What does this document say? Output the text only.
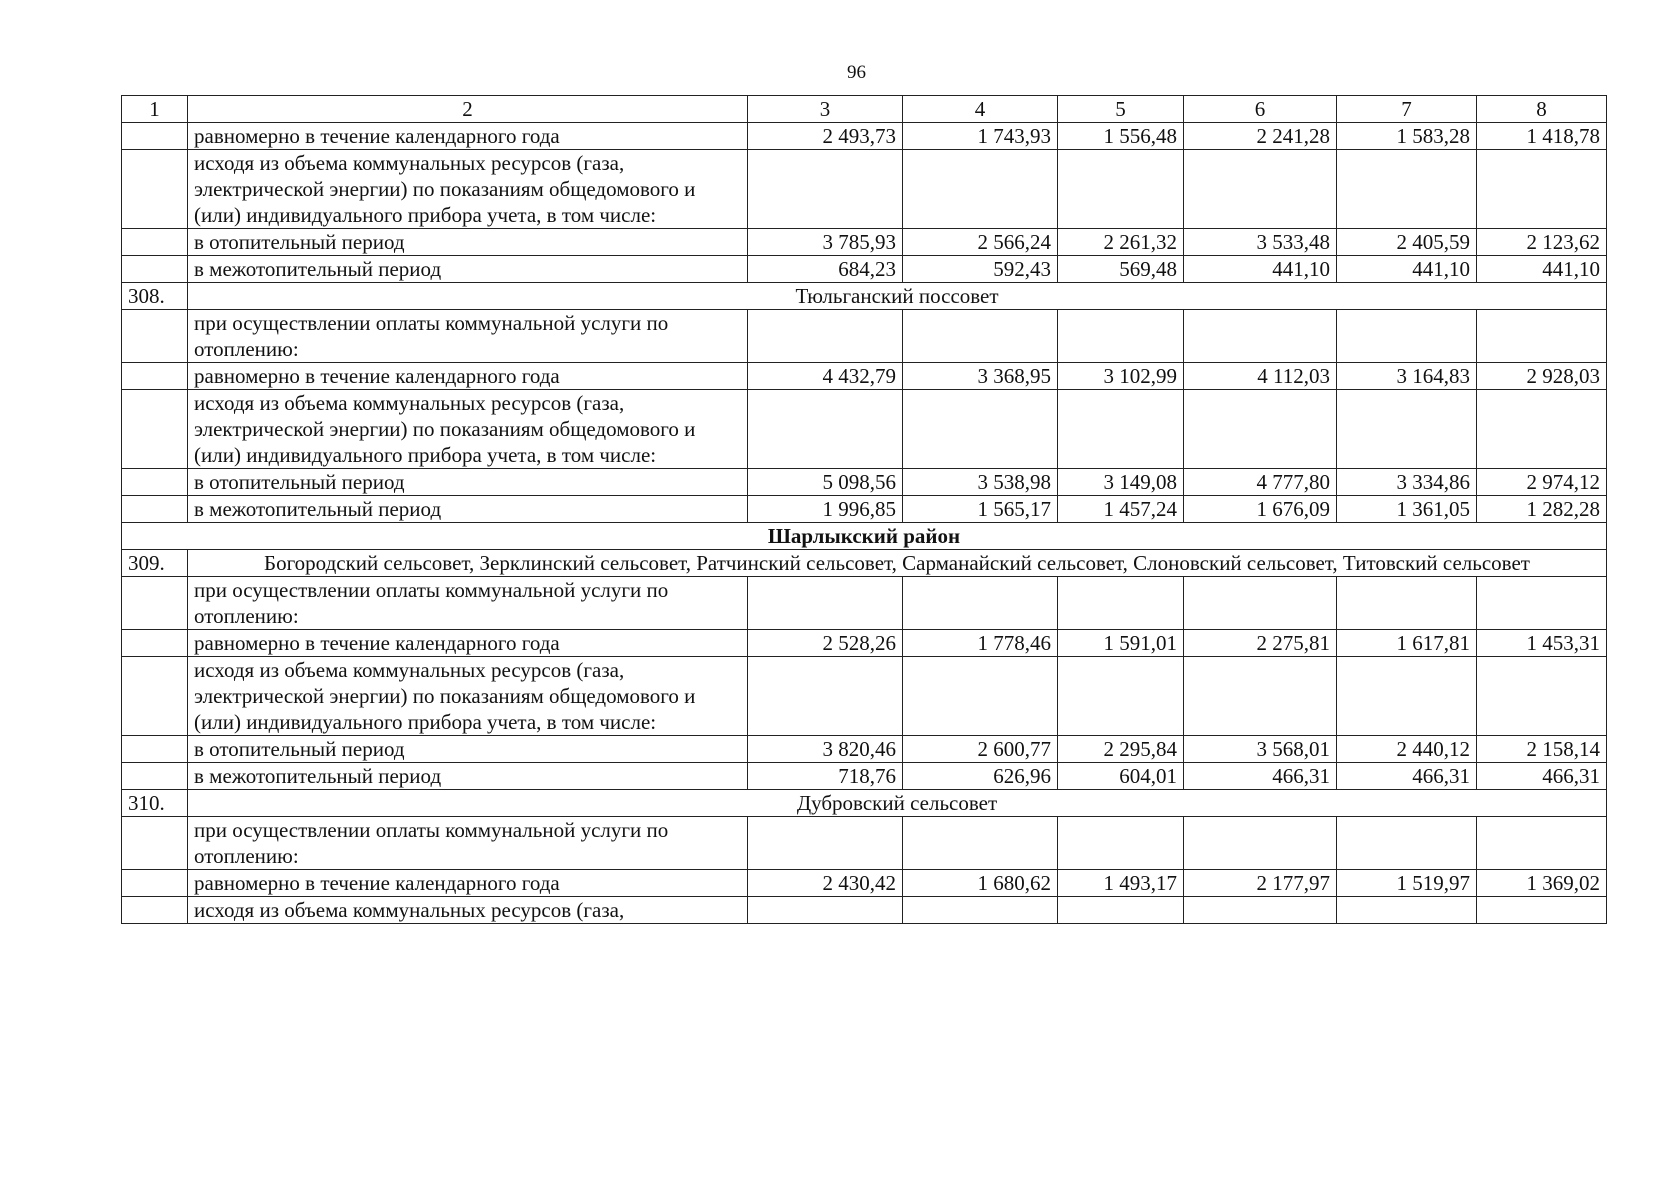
96
1	2	3	4	5	6	7	8
	равномерно в течение календарного года	2 493,73	1 743,93	1 556,48	2 241,28	1 583,28	1 418,78
	исходя из объема коммунальных ресурсов (газа, электрической энергии) по показаниям общедомового и (или) индивидуального прибора учета, в том числе:						
	в отопительный период	3 785,93	2 566,24	2 261,32	3 533,48	2 405,59	2 123,62
	в межотопительный период	684,23	592,43	569,48	441,10	441,10	441,10
308.	Тюльганский поссовет						
	при осуществлении оплаты коммунальной услуги по отоплению:						
	равномерно в течение календарного года	4 432,79	3 368,95	3 102,99	4 112,03	3 164,83	2 928,03
	исходя из объема коммунальных ресурсов (газа, электрической энергии) по показаниям общедомового и (или) индивидуального прибора учета, в том числе:						
	в отопительный период	5 098,56	3 538,98	3 149,08	4 777,80	3 334,86	2 974,12
	в межотопительный период	1 996,85	1 565,17	1 457,24	1 676,09	1 361,05	1 282,28
Шарлыкский район							
309.	Богородский сельсовет, Зерклинский сельсовет, Ратчинский сельсовет, Сарманайский сельсовет, Слоновский сельсовет, Титовский сельсовет						
	при осуществлении оплаты коммунальной услуги по отоплению:						
	равномерно в течение календарного года	2 528,26	1 778,46	1 591,01	2 275,81	1 617,81	1 453,31
	исходя из объема коммунальных ресурсов (газа, электрической энергии) по показаниям общедомового и (или) индивидуального прибора учета, в том числе:						
	в отопительный период	3 820,46	2 600,77	2 295,84	3 568,01	2 440,12	2 158,14
	в межотопительный период	718,76	626,96	604,01	466,31	466,31	466,31
310.	Дубровский сельсовет						
	при осуществлении оплаты коммунальной услуги по отоплению:						
	равномерно в течение календарного года	2 430,42	1 680,62	1 493,17	2 177,97	1 519,97	1 369,02
	исходя из объема коммунальных ресурсов (газа,						
